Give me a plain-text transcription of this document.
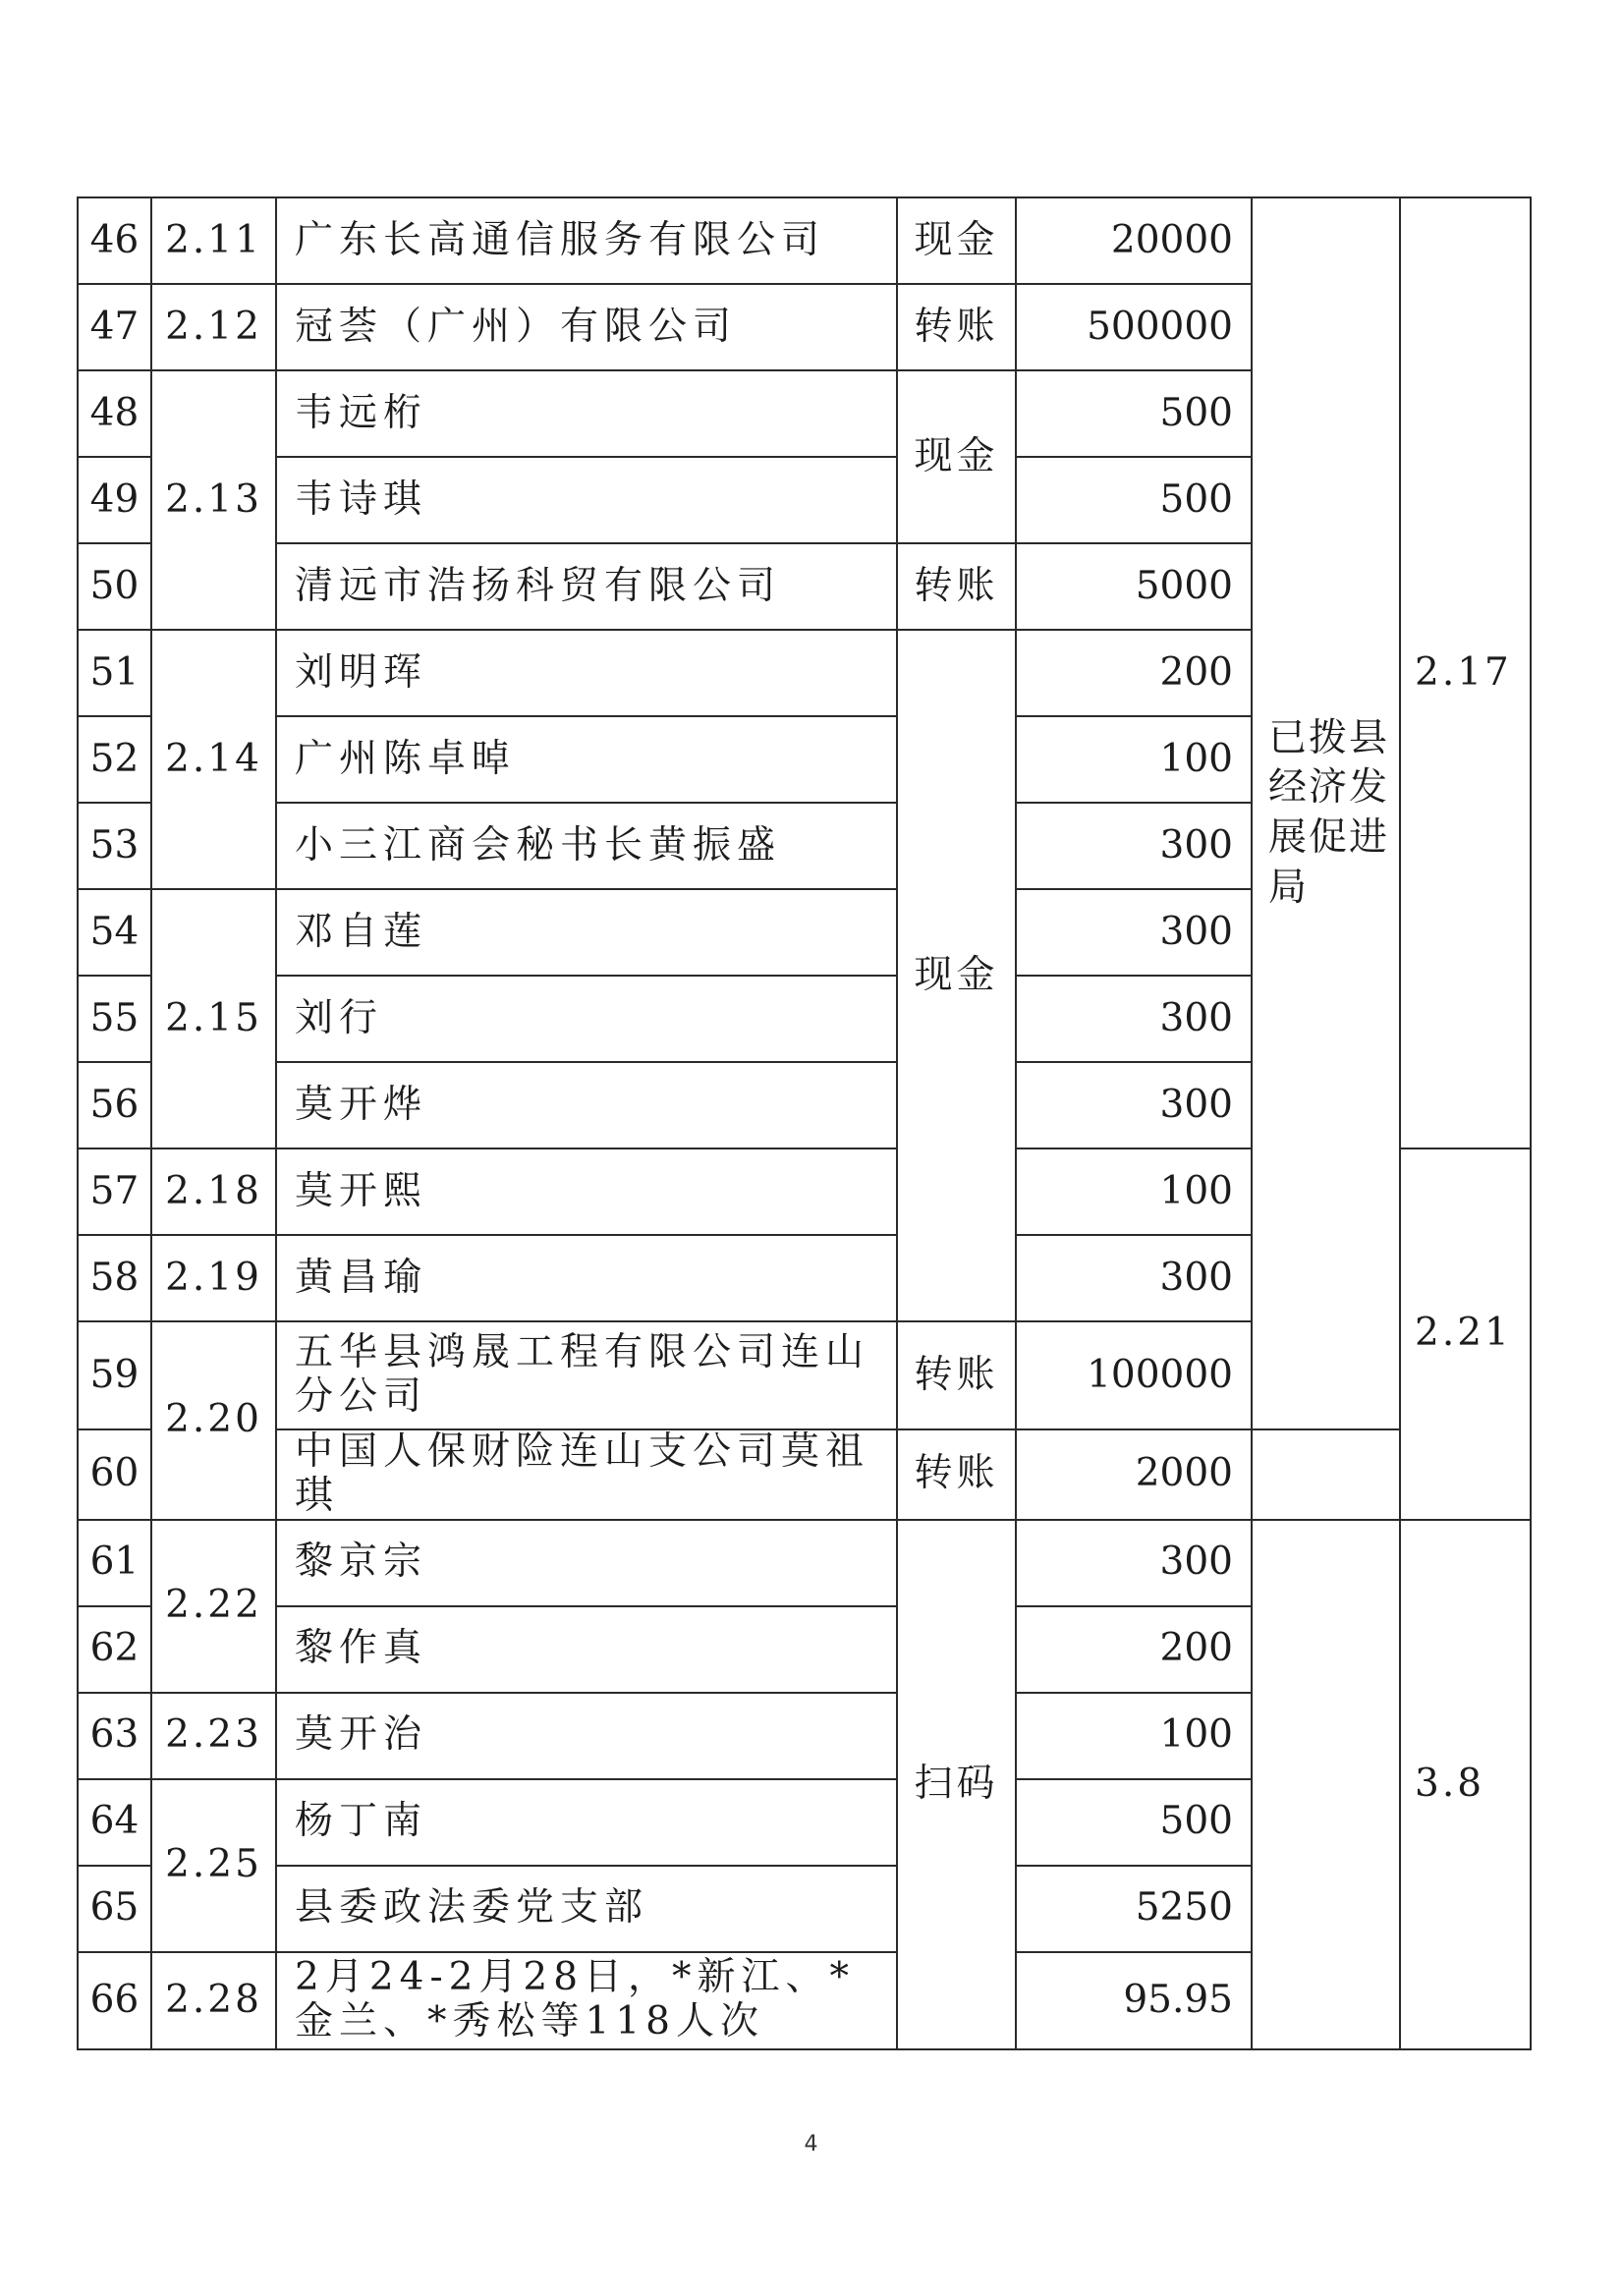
46	2.11	广东长高通信服务有限公司	现金	20000	已拨县经济发展促进局	2.17
47	2.12	冠荟（广州）有限公司	转账	500000		
48	2.13	韦远桁	现金	500		
49		韦诗琪		500		
50		清远市浩扬科贸有限公司	转账	5000		
51	2.14	刘明珲	现金	200		
52		广州陈卓晫		100		
53		小三江商会秘书长黄振盛		300		
54	2.15	邓自莲		300		
55		刘行		300		
56		莫开烨		300		
57	2.18	莫开熙		100		2.21
58	2.19	黄昌瑜		300		
59	2.20	五华县鸿晟工程有限公司连山分公司	转账	100000		
60		中国人保财险连山支公司莫祖琪	转账	2000		
61	2.22	黎京宗	扫码	300		3.8
62		黎作真		200		
63	2.23	莫开治		100		
64	2.25	杨丁南		500		
65		县委政法委党支部		5250		
66	2.28	2月24-2月28日，*新江、*金兰、*秀松等118人次		95.95		
4
